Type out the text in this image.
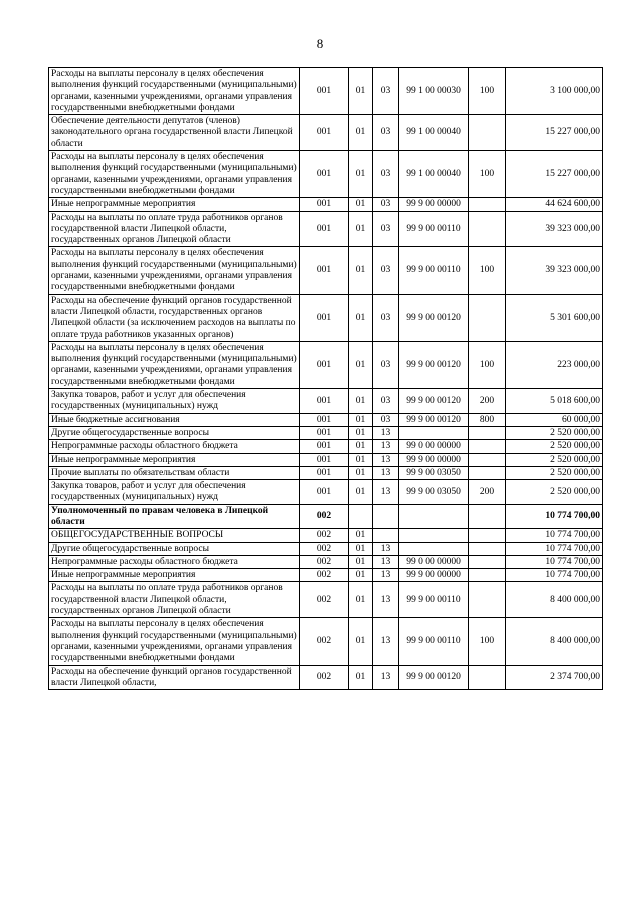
8
Расходы на выплаты персоналу в целях обеспечения выполнения функций государственными (муниципальными) органами, казенными учреждениями, органами управления государственными внебюджетными фондами	001	01	03	99 1 00 00030	100	3 100 000,00
Обеспечение деятельности депутатов (членов) законодательного органа государственной власти Липецкой области	001	01	03	99 1 00 00040		15 227 000,00
Расходы на выплаты персоналу в целях обеспечения выполнения функций государственными (муниципальными) органами, казенными учреждениями, органами управления государственными внебюджетными фондами	001	01	03	99 1 00 00040	100	15 227 000,00
Иные непрограммные мероприятия	001	01	03	99 9 00 00000		44 624 600,00
Расходы на выплаты по оплате труда работников органов государственной власти Липецкой области, государственных органов Липецкой области	001	01	03	99 9 00 00110		39 323 000,00
Расходы на выплаты персоналу в целях обеспечения выполнения функций государственными (муниципальными) органами, казенными учреждениями, органами управления государственными внебюджетными фондами	001	01	03	99 9 00 00110	100	39 323 000,00
Расходы на обеспечение функций органов государственной власти Липецкой области, государственных органов Липецкой области (за исключением расходов на выплаты по оплате труда работников указанных органов)	001	01	03	99 9 00 00120		5 301 600,00
Расходы на выплаты персоналу в целях обеспечения выполнения функций государственными (муниципальными) органами, казенными учреждениями, органами управления государственными внебюджетными фондами	001	01	03	99 9 00 00120	100	223 000,00
Закупка товаров, работ и услуг для обеспечения государственных (муниципальных) нужд	001	01	03	99 9 00 00120	200	5 018 600,00
Иные бюджетные ассигнования	001	01	03	99 9 00 00120	800	60 000,00
Другие общегосударственные вопросы	001	01	13			2 520 000,00
Непрограммные расходы областного бюджета	001	01	13	99 0 00 00000		2 520 000,00
Иные непрограммные мероприятия	001	01	13	99 9 00 00000		2 520 000,00
Прочие выплаты по обязательствам области	001	01	13	99 9 00 03050		2 520 000,00
Закупка товаров, работ и услуг для обеспечения государственных (муниципальных) нужд	001	01	13	99 9 00 03050	200	2 520 000,00
Уполномоченный по правам человека в Липецкой области	002					10 774 700,00
ОБЩЕГОСУДАРСТВЕННЫЕ ВОПРОСЫ	002	01				10 774 700,00
Другие общегосударственные вопросы	002	01	13			10 774 700,00
Непрограммные расходы областного бюджета	002	01	13	99 0 00 00000		10 774 700,00
Иные непрограммные мероприятия	002	01	13	99 9 00 00000		10 774 700,00
Расходы на выплаты по оплате труда работников органов государственной власти Липецкой области, государственных органов Липецкой области	002	01	13	99 9 00 00110		8 400 000,00
Расходы на выплаты персоналу в целях обеспечения выполнения функций государственными (муниципальными) органами, казенными учреждениями, органами управления государственными внебюджетными фондами	002	01	13	99 9 00 00110	100	8 400 000,00
Расходы на обеспечение функций органов государственной власти Липецкой области,	002	01	13	99 9 00 00120		2 374 700,00
